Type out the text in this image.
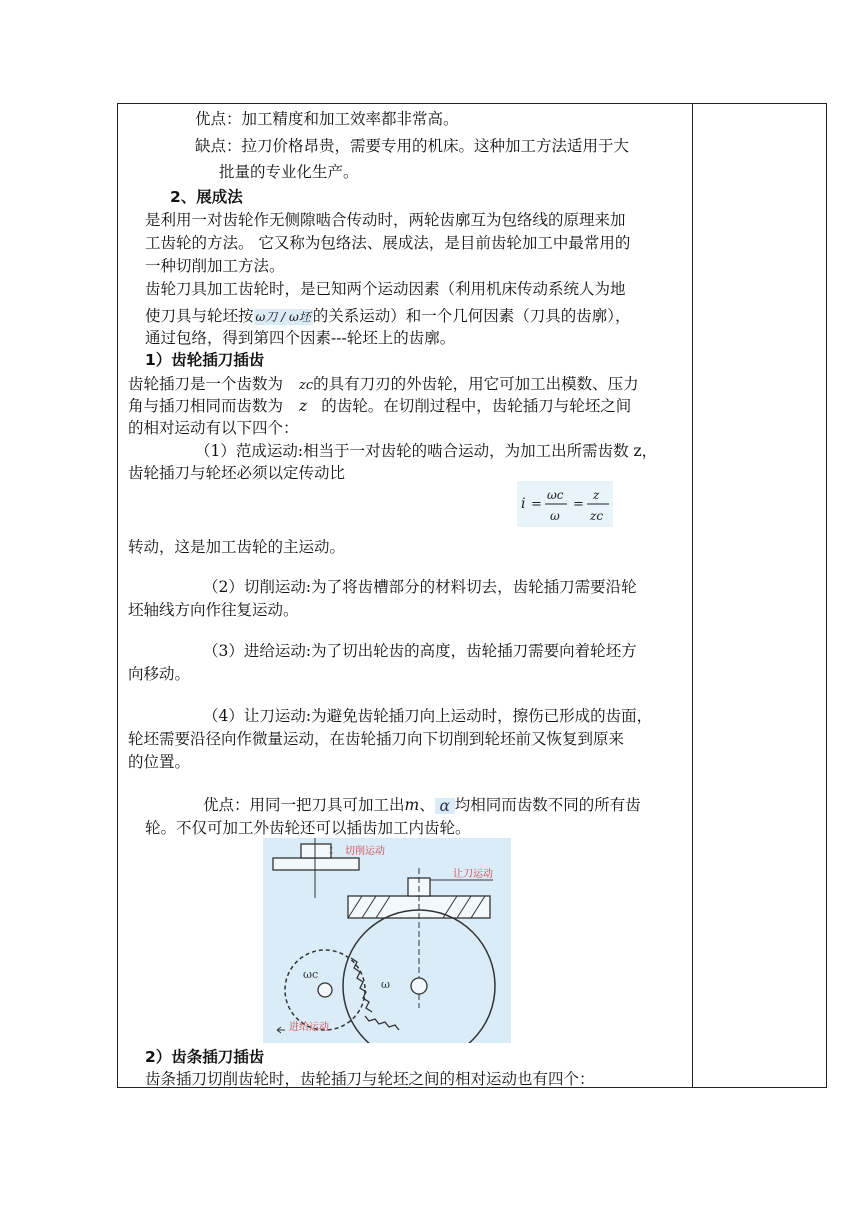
优点：加工精度和加工效率都非常高。
缺点：拉刀价格昂贵，需要专用的机床。这种加工方法适用于大
批量的专业化生产。
2、展成法
是利用一对齿轮作无侧隙啮合传动时，两轮齿廓互为包络线的原理来加
工齿轮的方法。 它又称为包络法、展成法，是目前齿轮加工中最常用的
一种切削加工方法。
齿轮刀具加工齿轮时，是已知两个运动因素（利用机床传动系统人为地
使刀具与轮坯按 ω刀 / ω坯 的关系运动）和一个几何因素（刀具的齿廓），
通过包络，得到第四个因素---轮坯上的齿廓。
1）齿轮插刀插齿
齿轮插刀是一个齿数为 zc的具有刀刃的外齿轮，用它可加工出模数、压力
角与插刀相同而齿数为 z 的齿轮。在切削过程中，齿轮插刀与轮坯之间
的相对运动有以下四个：
（1）范成运动:相当于一对齿轮的啮合运动，为加工出所需齿数 z，
齿轮插刀与轮坯必须以定传动比
i =
ωc
ω
=
z
zc
转动，这是加工齿轮的主运动。
（2）切削运动:为了将齿槽部分的材料切去，齿轮插刀需要沿轮
坯轴线方向作往复运动。
（3）进给运动:为了切出轮齿的高度，齿轮插刀需要向着轮坯方
向移动。
（4）让刀运动:为避免齿轮插刀向上运动时，擦伤已形成的齿面，
轮坯需要沿径向作微量运动，在齿轮插刀向下切削到轮坯前又恢复到原来
的位置。
优点：用同一把刀具可加工出m、 α 均相同而齿数不同的所有齿
轮。不仅可加工外齿轮还可以插齿加工内齿轮。
↕ 切削运动
让刀运动
ωc
ω
进给运动
2）齿条插刀插齿
齿条插刀切削齿轮时，齿轮插刀与轮坯之间的相对运动也有四个：
